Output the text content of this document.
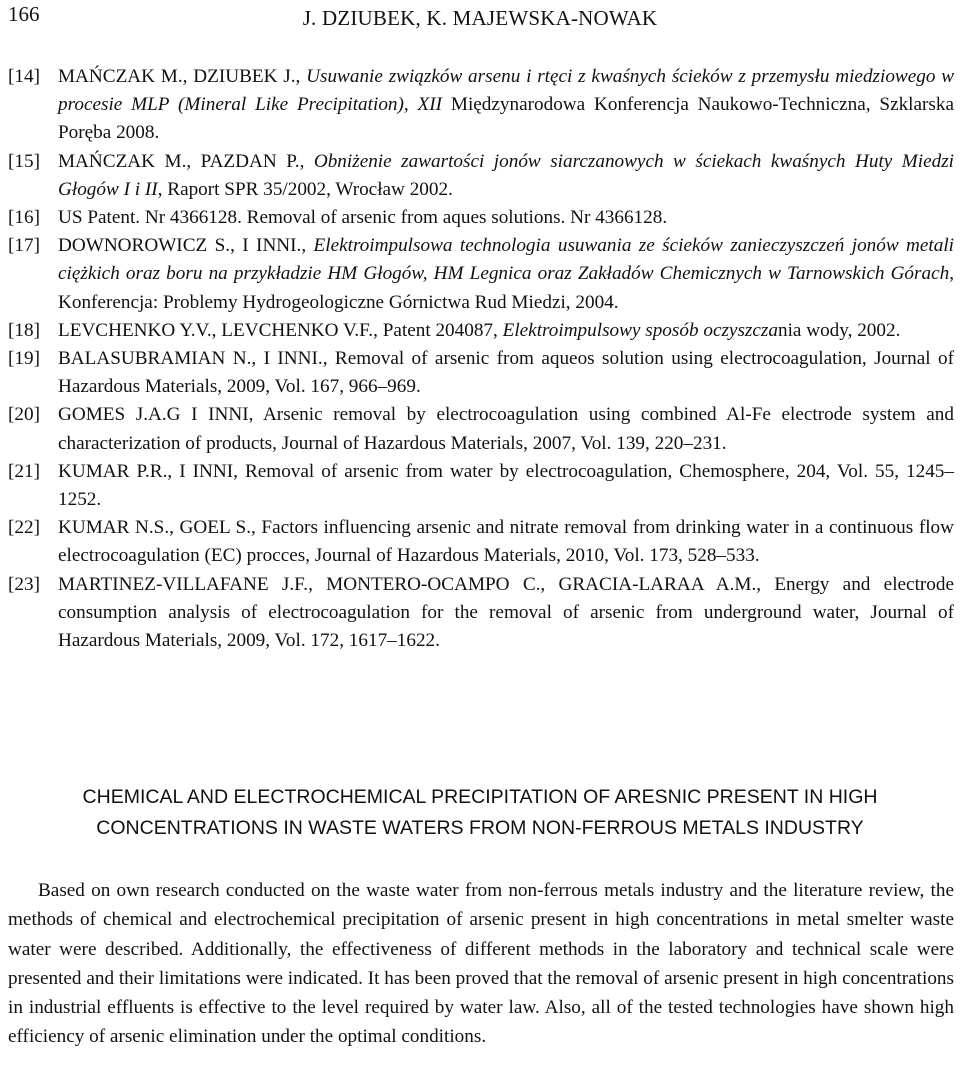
166	J. DZIUBEK, K. MAJEWSKA-NOWAK
[14] MAŃCZAK M., DZIUBEK J., Usuwanie związków arsenu i rtęci z kwaśnych ścieków z przemysłu miedziowego w procesie MLP (Mineral Like Precipitation), XII Międzynarodowa Konferencja Naukowo-Techniczna, Szklarska Poręba 2008.
[15] MAŃCZAK M., PAZDAN P., Obniżenie zawartości jonów siarczanowych w ściekach kwaśnych Huty Miedzi Głogów I i II, Raport SPR 35/2002, Wrocław 2002.
[16] US Patent. Nr 4366128. Removal of arsenic from aques solutions. Nr 4366128.
[17] DOWNOROWICZ S., I INNI., Elektroimpulsowa technologia usuwania ze ścieków zanieczyszczeń jonów metali ciężkich oraz boru na przykładzie HM Głogów, HM Legnica oraz Zakładów Chemicznych w Tarnowskich Górach, Konferencja: Problemy Hydrogeologiczne Górnictwa Rud Miedzi, 2004.
[18] LEVCHENKO Y.V., LEVCHENKO V.F., Patent 204087, Elektroimpulsowy sposób oczyszczania wody, 2002.
[19] BALASUBRAMIAN N., I INNI., Removal of arsenic from aqueos solution using electrocoagulation, Journal of Hazardous Materials, 2009, Vol. 167, 966–969.
[20] GOMES J.A.G I INNI, Arsenic removal by electrocoagulation using combined Al-Fe electrode system and characterization of products, Journal of Hazardous Materials, 2007, Vol. 139, 220–231.
[21] KUMAR P.R., I INNI, Removal of arsenic from water by electrocoagulation, Chemosphere, 204, Vol. 55, 1245–1252.
[22] KUMAR N.S., GOEL S., Factors influencing arsenic and nitrate removal from drinking water in a continuous flow electrocoagulation (EC) procces, Journal of Hazardous Materials, 2010, Vol. 173, 528–533.
[23] MARTINEZ-VILLAFANE J.F., MONTERO-OCAMPO C., GRACIA-LARAA A.M., Energy and electrode consumption analysis of electrocoagulation for the removal of arsenic from underground water, Journal of Hazardous Materials, 2009, Vol. 172, 1617–1622.
CHEMICAL AND ELECTROCHEMICAL PRECIPITATION OF ARESNIC PRESENT IN HIGH
CONCENTRATIONS IN WASTE WATERS FROM NON-FERROUS METALS INDUSTRY

Based on own research conducted on the waste water from non-ferrous metals industry and the literature review, the methods of chemical and electrochemical precipitation of arsenic present in high concentrations in metal smelter waste water were described. Additionally, the effectiveness of different methods in the laboratory and technical scale were presented and their limitations were indicated. It has been proved that the removal of arsenic present in high concentrations in industrial effluents is effective to the level required by water law. Also, all of the tested technologies have shown high efficiency of arsenic elimination under the optimal conditions.
